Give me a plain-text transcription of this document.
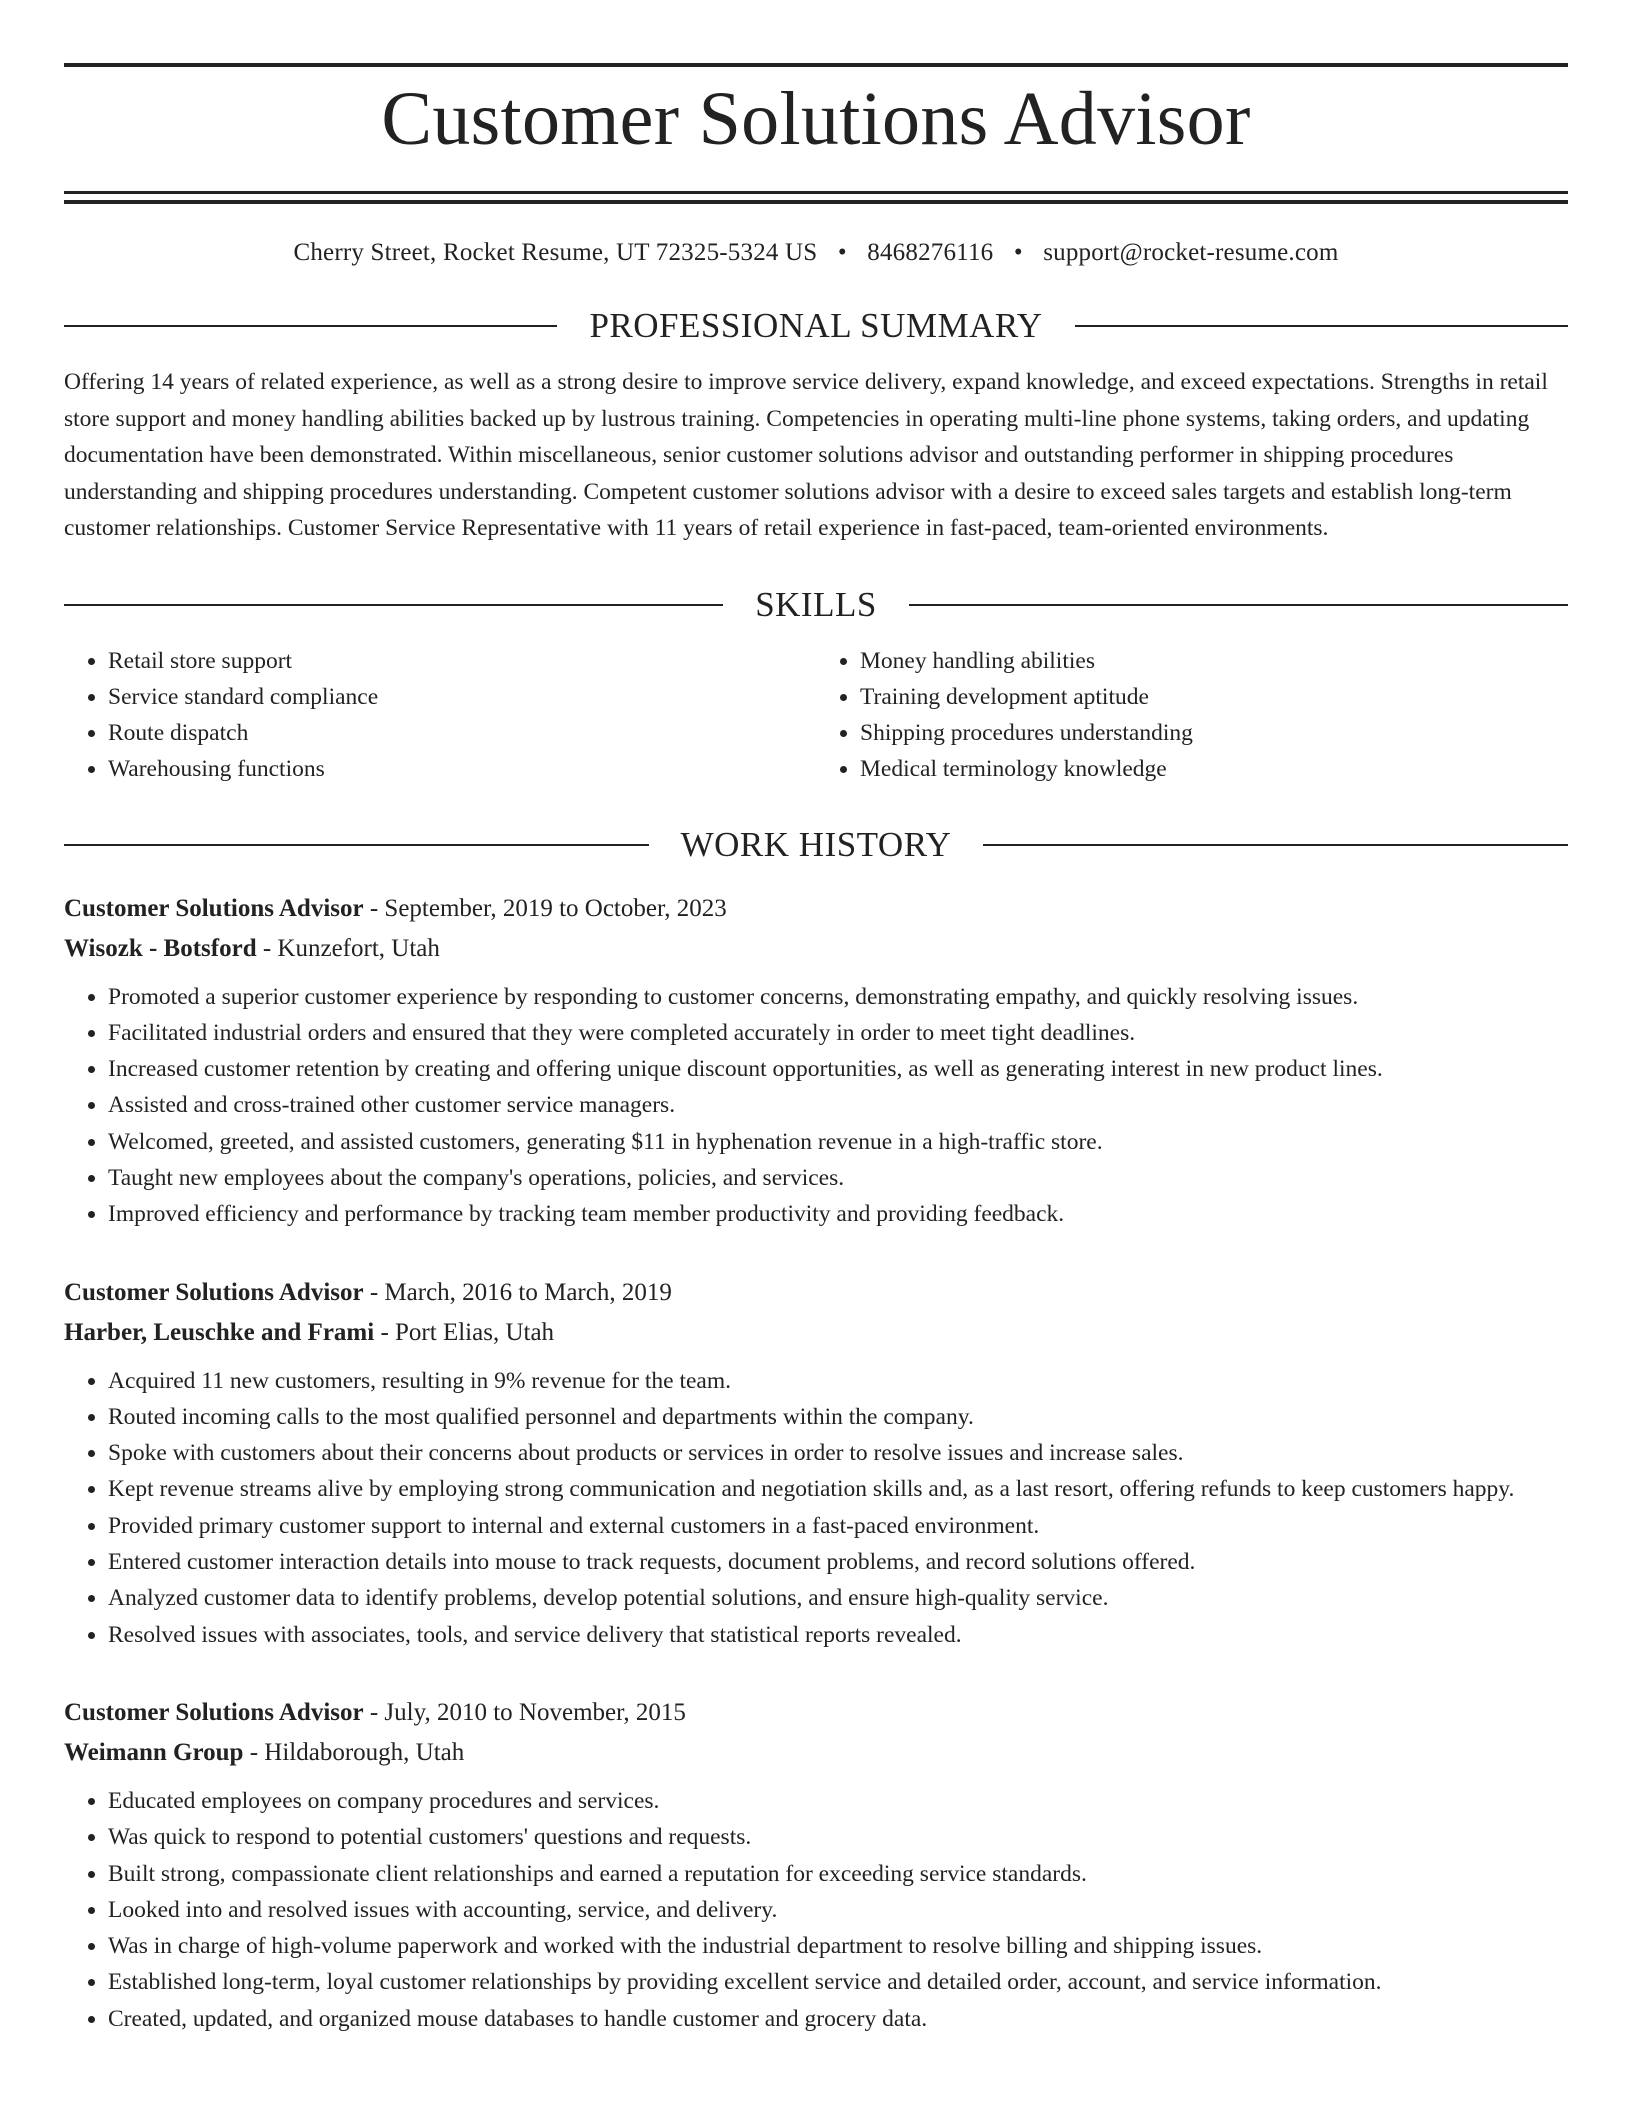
Customer Solutions Advisor
Cherry Street, Rocket Resume, UT 72325-5324 US • 8468276116 • support@rocket-resume.com
PROFESSIONAL SUMMARY

Offering 14 years of related experience, as well as a strong desire to improve service delivery, expand knowledge, and exceed expectations. Strengths in retail store support and money handling abilities backed up by lustrous training. Competencies in operating multi-line phone systems, taking orders, and updating documentation have been demonstrated. Within miscellaneous, senior customer solutions advisor and outstanding performer in shipping procedures understanding and shipping procedures understanding. Competent customer solutions advisor with a desire to exceed sales targets and establish long-term customer relationships. Customer Service Representative with 11 years of retail experience in fast-paced, team-oriented environments.

SKILLS
• Retail store support
• Service standard compliance
• Route dispatch
• Warehousing functions
• Money handling abilities
• Training development aptitude
• Shipping procedures understanding
• Medical terminology knowledge
WORK HISTORY
Customer Solutions Advisor - September, 2019 to October, 2023
Wisozk - Botsford - Kunzefort, Utah
• Promoted a superior customer experience by responding to customer concerns, demonstrating empathy, and quickly resolving issues.
• Facilitated industrial orders and ensured that they were completed accurately in order to meet tight deadlines.
• Increased customer retention by creating and offering unique discount opportunities, as well as generating interest in new product lines.
• Assisted and cross-trained other customer service managers.
• Welcomed, greeted, and assisted customers, generating $11 in hyphenation revenue in a high-traffic store.
• Taught new employees about the company's operations, policies, and services.
• Improved efficiency and performance by tracking team member productivity and providing feedback.
Customer Solutions Advisor - March, 2016 to March, 2019
Harber, Leuschke and Frami - Port Elias, Utah
• Acquired 11 new customers, resulting in 9% revenue for the team.
• Routed incoming calls to the most qualified personnel and departments within the company.
• Spoke with customers about their concerns about products or services in order to resolve issues and increase sales.
• Kept revenue streams alive by employing strong communication and negotiation skills and, as a last resort, offering refunds to keep customers happy.
• Provided primary customer support to internal and external customers in a fast-paced environment.
• Entered customer interaction details into mouse to track requests, document problems, and record solutions offered.
• Analyzed customer data to identify problems, develop potential solutions, and ensure high-quality service.
• Resolved issues with associates, tools, and service delivery that statistical reports revealed.
Customer Solutions Advisor - July, 2010 to November, 2015
Weimann Group - Hildaborough, Utah
• Educated employees on company procedures and services.
• Was quick to respond to potential customers' questions and requests.
• Built strong, compassionate client relationships and earned a reputation for exceeding service standards.
• Looked into and resolved issues with accounting, service, and delivery.
• Was in charge of high-volume paperwork and worked with the industrial department to resolve billing and shipping issues.
• Established long-term, loyal customer relationships by providing excellent service and detailed order, account, and service information.
• Created, updated, and organized mouse databases to handle customer and grocery data.
